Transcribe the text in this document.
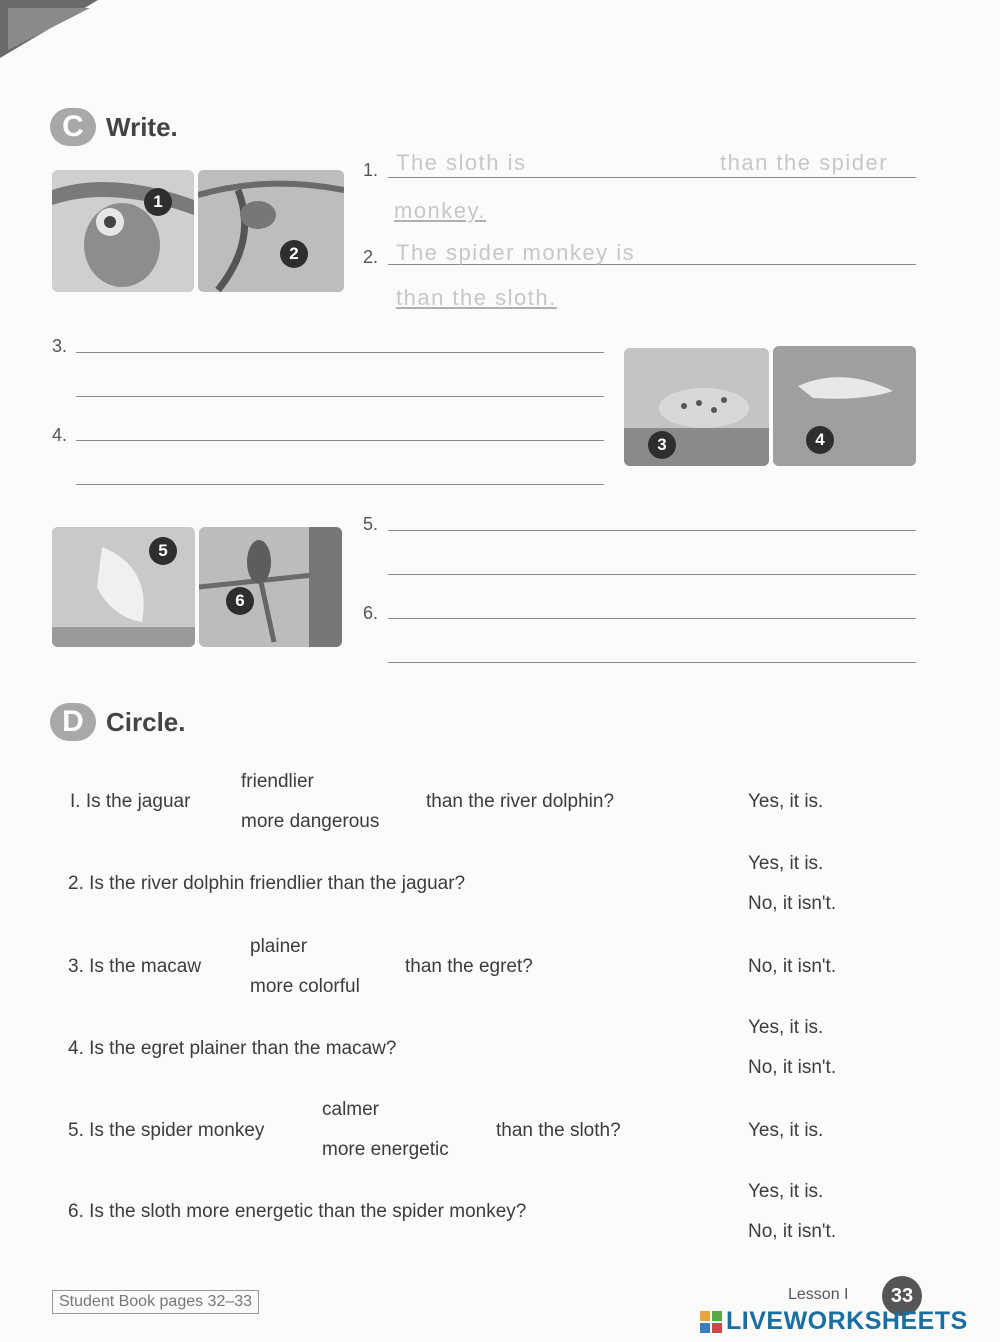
C Write.
1
2
1. The sloth is	than the spider
monkey.
2. The spider monkey is
than the sloth.
3.
4.	3	4
5
6
5.
6.
D Circle.
I. Is the jaguar
friendlier
more dangerous
than the river dolphin?	Yes, it is.
2. Is the river dolphin friendlier than the jaguar?
Yes, it is.
No, it isn't.
3. Is the macaw
plainer
more colorful
than the egret?	No, it isn't.
4. Is the egret plainer than the macaw?
Yes, it is.
No, it isn't.
5. Is the spider monkey
calmer
more energetic
than the sloth?	Yes, it is.
6. Is the sloth more energetic than the spider monkey?
Yes, it is.
No, it isn't.
Student Book pages 32–33	Lesson I	33
LIVEWORKSHEETS
